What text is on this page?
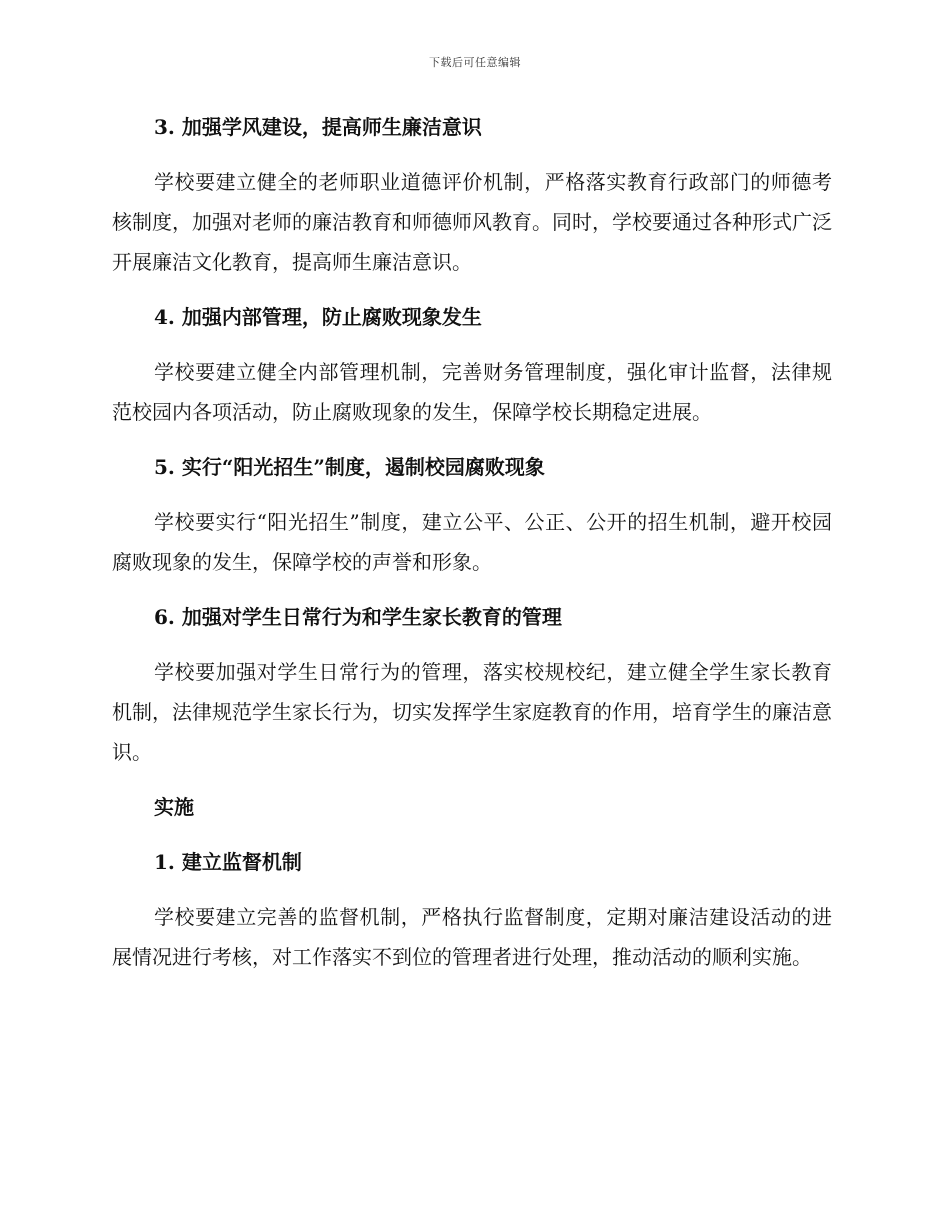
下载后可任意编辑
3. 加强学风建设，提高师生廉洁意识

学校要建立健全的老师职业道德评价机制，严格落实教育行政部门的师德考核制度，加强对老师的廉洁教育和师德师风教育。同时，学校要通过各种形式广泛开展廉洁文化教育，提高师生廉洁意识。

4. 加强内部管理，防止腐败现象发生

学校要建立健全内部管理机制，完善财务管理制度，强化审计监督，法律规范校园内各项活动，防止腐败现象的发生，保障学校长期稳定进展。

5. 实行“阳光招生”制度，遏制校园腐败现象

学校要实行“阳光招生”制度，建立公平、公正、公开的招生机制，避开校园腐败现象的发生，保障学校的声誉和形象。

6. 加强对学生日常行为和学生家长教育的管理

学校要加强对学生日常行为的管理，落实校规校纪，建立健全学生家长教育机制，法律规范学生家长行为，切实发挥学生家庭教育的作用，培育学生的廉洁意识。

实施
1. 建立监督机制

学校要建立完善的监督机制，严格执行监督制度，定期对廉洁建设活动的进展情况进行考核，对工作落实不到位的管理者进行处理，推动活动的顺利实施。
